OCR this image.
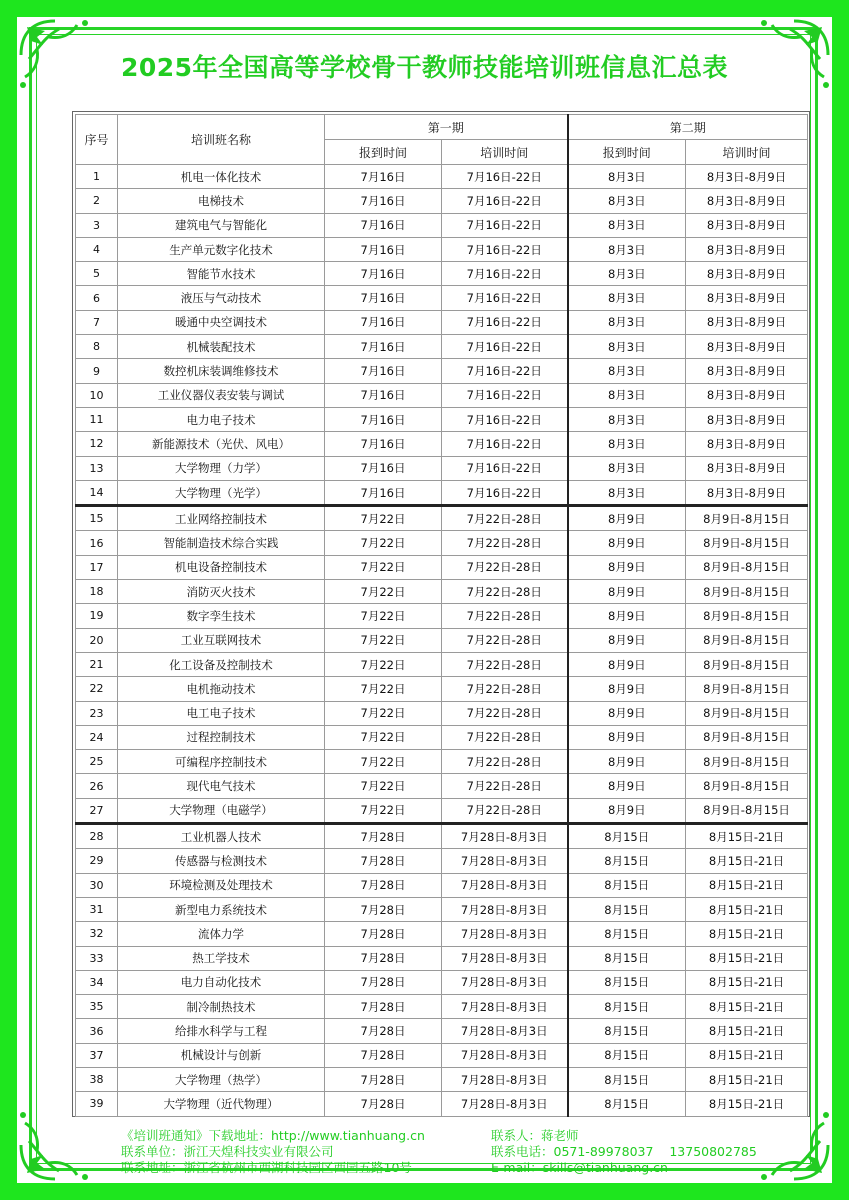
2025年全国高等学校骨干教师技能培训班信息汇总表
序号	培训班名称	第一期		第二期	
		报到时间	培训时间	报到时间	培训时间
1	机电一体化技术	7月16日	7月16日-22日	8月3日	8月3日-8月9日
2	电梯技术	7月16日	7月16日-22日	8月3日	8月3日-8月9日
3	建筑电气与智能化	7月16日	7月16日-22日	8月3日	8月3日-8月9日
4	生产单元数字化技术	7月16日	7月16日-22日	8月3日	8月3日-8月9日
5	智能节水技术	7月16日	7月16日-22日	8月3日	8月3日-8月9日
6	液压与气动技术	7月16日	7月16日-22日	8月3日	8月3日-8月9日
7	暖通中央空调技术	7月16日	7月16日-22日	8月3日	8月3日-8月9日
8	机械装配技术	7月16日	7月16日-22日	8月3日	8月3日-8月9日
9	数控机床装调维修技术	7月16日	7月16日-22日	8月3日	8月3日-8月9日
10	工业仪器仪表安装与调试	7月16日	7月16日-22日	8月3日	8月3日-8月9日
11	电力电子技术	7月16日	7月16日-22日	8月3日	8月3日-8月9日
12	新能源技术（光伏、风电）	7月16日	7月16日-22日	8月3日	8月3日-8月9日
13	大学物理（力学）	7月16日	7月16日-22日	8月3日	8月3日-8月9日
14	大学物理（光学）	7月16日	7月16日-22日	8月3日	8月3日-8月9日
15	工业网络控制技术	7月22日	7月22日-28日	8月9日	8月9日-8月15日
16	智能制造技术综合实践	7月22日	7月22日-28日	8月9日	8月9日-8月15日
17	机电设备控制技术	7月22日	7月22日-28日	8月9日	8月9日-8月15日
18	消防灭火技术	7月22日	7月22日-28日	8月9日	8月9日-8月15日
19	数字孪生技术	7月22日	7月22日-28日	8月9日	8月9日-8月15日
20	工业互联网技术	7月22日	7月22日-28日	8月9日	8月9日-8月15日
21	化工设备及控制技术	7月22日	7月22日-28日	8月9日	8月9日-8月15日
22	电机拖动技术	7月22日	7月22日-28日	8月9日	8月9日-8月15日
23	电工电子技术	7月22日	7月22日-28日	8月9日	8月9日-8月15日
24	过程控制技术	7月22日	7月22日-28日	8月9日	8月9日-8月15日
25	可编程序控制技术	7月22日	7月22日-28日	8月9日	8月9日-8月15日
26	现代电气技术	7月22日	7月22日-28日	8月9日	8月9日-8月15日
27	大学物理（电磁学）	7月22日	7月22日-28日	8月9日	8月9日-8月15日
28	工业机器人技术	7月28日	7月28日-8月3日	8月15日	8月15日-21日
29	传感器与检测技术	7月28日	7月28日-8月3日	8月15日	8月15日-21日
30	环境检测及处理技术	7月28日	7月28日-8月3日	8月15日	8月15日-21日
31	新型电力系统技术	7月28日	7月28日-8月3日	8月15日	8月15日-21日
32	流体力学	7月28日	7月28日-8月3日	8月15日	8月15日-21日
33	热工学技术	7月28日	7月28日-8月3日	8月15日	8月15日-21日
34	电力自动化技术	7月28日	7月28日-8月3日	8月15日	8月15日-21日
35	制冷制热技术	7月28日	7月28日-8月3日	8月15日	8月15日-21日
36	给排水科学与工程	7月28日	7月28日-8月3日	8月15日	8月15日-21日
37	机械设计与创新	7月28日	7月28日-8月3日	8月15日	8月15日-21日
38	大学物理（热学）	7月28日	7月28日-8月3日	8月15日	8月15日-21日
39	大学物理（近代物理）	7月28日	7月28日-8月3日	8月15日	8月15日-21日
《培训班通知》下载地址：http://www.tianhuang.cn
联系单位：浙江天煌科技实业有限公司
联系地址：浙江省杭州市西湖科技园区西园五路10号
联系人：蒋老师
联系电话：0571-89978037    13750802785
E-mail：skills@tianhuang.cn
